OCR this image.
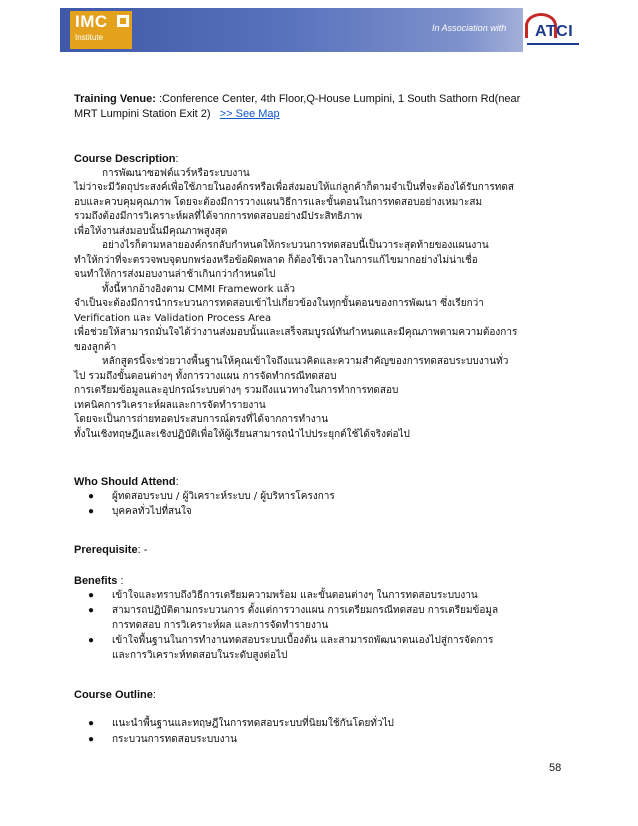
IMC
Institute
In Association with ATCI
Training Venue: :Conference Center, 4th Floor,Q-House Lumpini, 1 South Sathorn Rd(near
MRT Lumpini Station Exit 2) >> See Map
Course Description:
การพัฒนาซอฟต์แวร์หรือระบบงาน
ไม่ว่าจะมีวัตถุประสงค์เพื่อใช้ภายในองค์กรหรือเพื่อส่งมอบให้แก่ลูกค้าก็ตามจำเป็นที่จะต้องได้รับการทดส
อบและควบคุมคุณภาพ โดยจะต้องมีการวางแผนวิธีการและขั้นตอนในการทดสอบอย่างเหมาะสม
รวมถึงต้องมีการวิเคราะห์ผลที่ได้จากการทดสอบอย่างมีประสิทธิภาพ
เพื่อให้งานส่งมอบนั้นมีคุณภาพสูงสุด
อย่างไรก็ตามหลายองค์กรกลับกำหนดให้กระบวนการทดสอบนี้เป็นวาระสุดท้ายของแผนงาน
ทำให้กว่าที่จะตรวจพบจุดบกพร่องหรือข้อผิดพลาด ก็ต้องใช้เวลาในการแก้ไขมากอย่างไม่น่าเชื่อ
จนทำให้การส่งมอบงานล่าช้าเกินกว่ากำหนดไป
ทั้งนี้หากอ้างอิงตาม CMMI Framework แล้ว
จำเป็นจะต้องมีการนำกระบวนการทดสอบเข้าไปเกี่ยวข้องในทุกขั้นตอนของการพัฒนา ซึ่งเรียกว่า
Verification และ Validation Process Area
เพื่อช่วยให้สามารถมั่นใจได้ว่างานส่งมอบนั้นและเสร็จสมบูรณ์ทันกำหนดและมีคุณภาพตามความต้องการ
ของลูกค้า
หลักสูตรนี้จะช่วยวางพื้นฐานให้คุณเข้าใจถึงแนวคิดและความสำคัญของการทดสอบระบบงานทั่ว
ไป รวมถึงขั้นตอนต่างๆ ทั้งการวางแผน การจัดทำกรณีทดสอบ
การเตรียมข้อมูลและอุปกรณ์ระบบต่างๆ รวมถึงแนวทางในการทำการทดสอบ
เทคนิคการวิเคราะห์ผลและการจัดทำรายงาน
โดยจะเป็นการถ่ายทอดประสบการณ์ตรงที่ได้จากการทำงาน
ทั้งในเชิงทฤษฎีและเชิงปฏิบัติเพื่อให้ผู้เรียนสามารถนำไปประยุกต์ใช้ได้จริงต่อไป
Who Should Attend:
● ผู้ทดสอบระบบ / ผู้วิเคราะห์ระบบ / ผู้บริหารโครงการ
● บุคคลทั่วไปที่สนใจ
Prerequisite: -
Benefits :
● เข้าใจและทราบถึงวิธีการเตรียมความพร้อม และขั้นตอนต่างๆ ในการทดสอบระบบงาน
● สามารถปฏิบัติตามกระบวนการ ตั้งแต่การวางแผน การเตรียมกรณีทดสอบ การเตรียมข้อมูล
การทดสอบ การวิเคราะห์ผล และการจัดทำรายงาน
● เข้าใจพื้นฐานในการทำงานทดสอบระบบเบื้องต้น และสามารถพัฒนาตนเองไปสู่การจัดการ
และการวิเคราะห์ทดสอบในระดับสูงต่อไป
Course Outline:
● แนะนำพื้นฐานและทฤษฎีในการทดสอบระบบที่นิยมใช้กันโดยทั่วไป
● กระบวนการทดสอบระบบงาน
58
